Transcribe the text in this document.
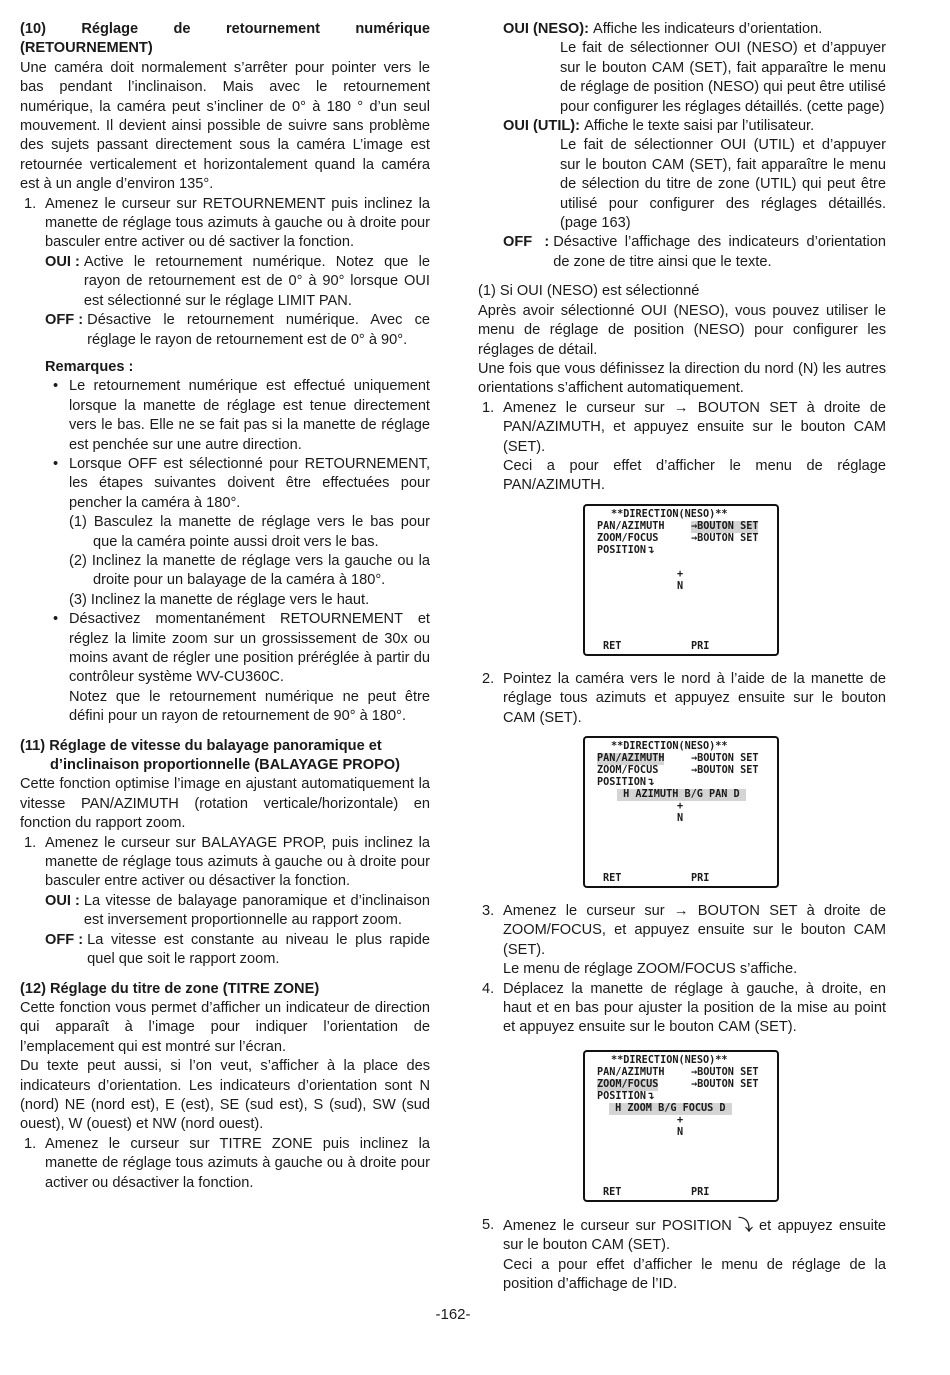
(10) Réglage de retournement numérique (RETOURNEMENT)

Une caméra doit normalement s’arrêter pour pointer vers le bas pendant l’inclinaison. Mais avec le retournement numérique, la caméra peut s’incliner de 0° à 180 ° d’un seul mouvement. Il devient ainsi possible de suivre sans problème des sujets passant directement sous la caméra L’image est retournée verticalement et horizontalement quand la caméra est à un angle d’environ 135°.

1. Amenez le curseur sur RETOURNEMENT puis inclinez la manette de réglage tous azimuts à gauche ou à droite pour basculer entre activer ou dé sactiver la fonction.
OUI : Active le retournement numérique. Notez que le rayon de retournement est de 0° à 90° lorsque OUI est sélectionné sur le réglage LIMIT PAN.
OFF : Désactive le retournement numérique. Avec ce réglage le rayon de retournement est de 0° à 90°.

Remarques :

• Le retournement numérique est effectué uniquement lorsque la manette de réglage est tenue directement vers le bas. Elle ne se fait pas si la manette de réglage est penchée sur une autre direction.
• Lorsque OFF est sélectionné pour RETOURNEMENT, les étapes suivantes doivent être effectuées pour pencher la caméra à 180°.

(1) Basculez la manette de réglage vers le bas pour que la caméra pointe aussi droit vers le bas.

(2) Inclinez la manette de réglage vers la gauche ou la droite pour un balayage de la caméra à 180°.

(3) Inclinez la manette de réglage vers le haut.

• Désactivez momentanément RETOURNEMENT et réglez la limite zoom sur un grossissement de 30x ou moins avant de régler une position préréglée à partir du contrôleur système WV-CU360C.

Notez que le retournement numérique ne peut être défini pour un rayon de retournement de 90° à 180°.

(11) Réglage de vitesse du balayage panoramique et
d’inclinaison proportionnelle (BALAYAGE PROPO)

Cette fonction optimise l’image en ajustant automatiquement la vitesse PAN/AZIMUTH (rotation verticale/horizontale) en fonction du rapport zoom.

1. Amenez le curseur sur BALAYAGE PROP, puis inclinez la manette de réglage tous azimuts à gauche ou à droite pour basculer entre activer ou désactiver la fonction.
OUI : La vitesse de balayage panoramique et d’inclinaison est inversement proportionnelle au rapport zoom.
OFF : La vitesse est constante au niveau le plus rapide quel que soit le rapport zoom.

(12) Réglage du titre de zone (TITRE ZONE)

Cette fonction vous permet d’afficher un indicateur de direction qui apparaît à l’image pour indiquer l’orientation de l’emplacement qui est montré sur l’écran.

Du texte peut aussi, si l’on veut, s’afficher à la place des indicateurs d’orientation. Les indicateurs d’orientation sont N (nord) NE (nord est), E (est), SE (sud est), S (sud), SW (sud ouest), W (ouest) et NW (nord ouest).

1. Amenez le curseur sur TITRE ZONE puis inclinez la manette de réglage tous azimuts à gauche ou à droite pour activer ou désactiver la fonction.
OUI (NESO): Affiche les indicateurs d’orientation.

Le fait de sélectionner OUI (NESO) et d’appuyer sur le bouton CAM (SET), fait apparaître le menu de réglage de position (NESO) qui peut être utilisé pour configurer les réglages détaillés. (cette page)

OUI (UTIL): Affiche le texte saisi par l’utilisateur.

Le fait de sélectionner OUI (UTIL) et d’appuyer sur le bouton CAM (SET), fait apparaître le menu de sélection du titre de zone (UTIL) qui peut être utilisé pour configurer des réglages détaillés. (page 163)

OFF   : Désactive l’affichage des indicateurs d’orientation de zone de titre ainsi que le texte.

(1) Si OUI (NESO) est sélectionné

Après avoir sélectionné OUI (NESO), vous pouvez utiliser le menu de réglage de position (NESO) pour configurer les réglages de détail.

Une fois que vous définissez la direction du nord (N) les autres orientations s’affichent automatiquement.

1. Amenez le curseur sur → BOUTON SET à droite de PAN/AZIMUTH, et appuyez ensuite sur le bouton CAM (SET).

Ceci a pour effet d’afficher le menu de réglage PAN/AZIMUTH.

**DIRECTION(NESO)**
PAN/AZIMUTH	→BOUTON SET
ZOOM/FOCUS	→BOUTON SET
POSITION↴
+
N
RET	PRI
2. Pointez la caméra vers le nord à l’aide de la manette de réglage tous azimuts et appuyez ensuite sur le bouton CAM (SET).
**DIRECTION(NESO)**
PAN/AZIMUTH	→BOUTON SET
ZOOM/FOCUS	→BOUTON SET
POSITION↴
H AZIMUTH B/G PAN D
+
N
RET	PRI
3. Amenez le curseur sur → BOUTON SET à droite de ZOOM/FOCUS, et appuyez ensuite sur le bouton CAM (SET).

Le menu de réglage ZOOM/FOCUS s’affiche.

4. Déplacez la manette de réglage à gauche, à droite, en haut et en bas pour ajuster la position de la mise au point et appuyez ensuite sur le bouton CAM (SET).
**DIRECTION(NESO)**
PAN/AZIMUTH	→BOUTON SET
ZOOM/FOCUS	→BOUTON SET
POSITION↴
H ZOOM B/G FOCUS D
+
N
RET	PRI
5. Amenez le curseur sur POSITION ⤵ et appuyez ensuite sur le bouton CAM (SET).

Ceci a pour effet d’afficher le menu de réglage de la position d’affichage de l’ID.

-162-
